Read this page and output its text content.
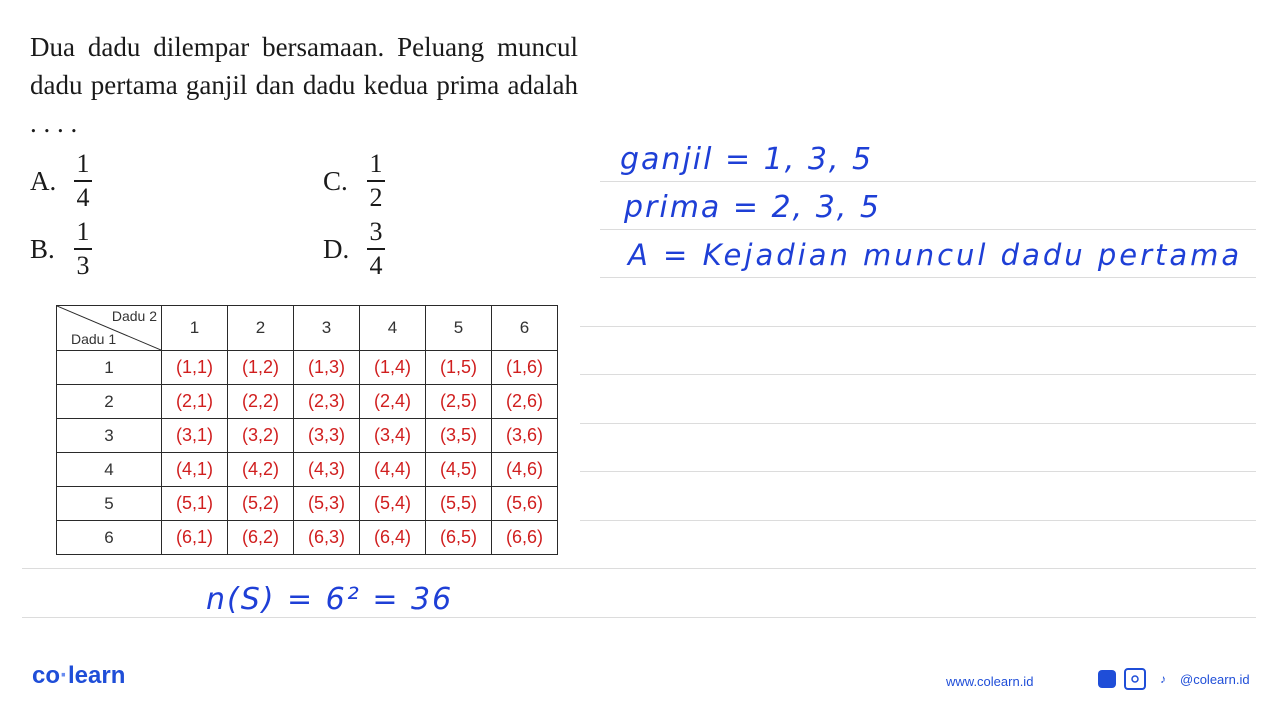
Dua dadu dilempar bersamaan. Peluang muncul dadu pertama ganjil dan dadu kedua prima adalah . . . .
A. $\frac{1}{4}$
B. $\frac{1}{3}$
C. $\frac{1}{2}$
D. $\frac{3}{4}$
Dadu 2
Dadu 1	1	2	3	4	5	6
1	(1,1)	(1,2)	(1,3)	(1,4)	(1,5)	(1,6)
2	(2,1)	(2,2)	(2,3)	(2,4)	(2,5)	(2,6)
3	(3,1)	(3,2)	(3,3)	(3,4)	(3,5)	(3,6)
4	(4,1)	(4,2)	(4,3)	(4,4)	(4,5)	(4,6)
5	(5,1)	(5,2)	(5,3)	(5,4)	(5,5)	(5,6)
6	(6,1)	(6,2)	(6,3)	(6,4)	(6,5)	(6,6)
ganjil = 1, 3, 5
prima = 2, 3, 5
A = Kejadian muncul dadu pertama
n(S) = 6² = 36
co·learn	www.colearn.id	f	♪	@colearn.id
